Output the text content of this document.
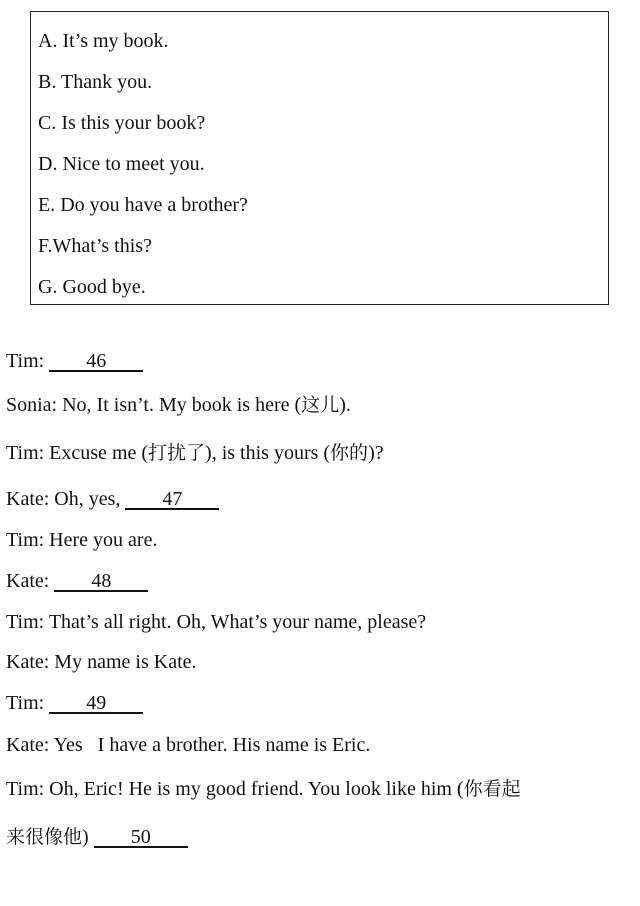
A. It’s my book.
B. Thank you.
C. Is this your book?
D. Nice to meet you.
E. Do you have a brother?
F.What’s this?
G. Good bye.
Tim: 46
Sonia: No, It isn’t. My book is here (这儿).
Tim: Excuse me (打扰了), is this yours (你的)?
Kate: Oh, yes, 47
Tim: Here you are.
Kate: 48
Tim: That’s all right. Oh, What’s your name, please?
Kate: My name is Kate.
Tim: 49
Kate: Yes   I have a brother. His name is Eric.
Tim: Oh, Eric! He is my good friend. You look like him (你看起
来很像他) 50
